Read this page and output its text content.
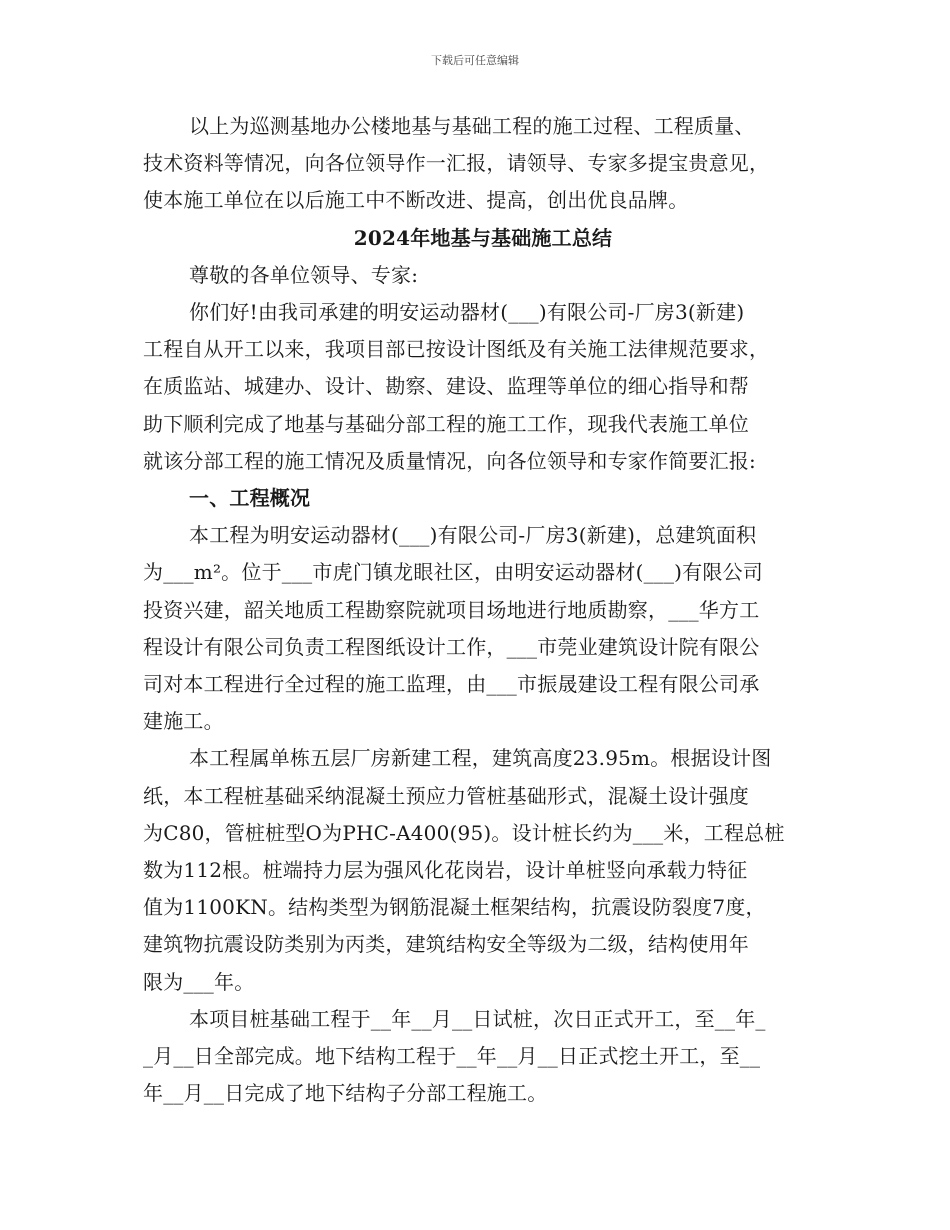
下载后可任意编辑
以上为巡测基地办公楼地基与基础工程的施工过程、工程质量、
技术资料等情况，向各位领导作一汇报，请领导、专家多提宝贵意见，
使本施工单位在以后施工中不断改进、提高，创出优良品牌。
2024年地基与基础施工总结
尊敬的各单位领导、专家:
你们好!由我司承建的明安运动器材(___)有限公司-厂房3(新建)
工程自从开工以来，我项目部已按设计图纸及有关施工法律规范要求，
在质监站、城建办、设计、勘察、建设、监理等单位的细心指导和帮
助下顺利完成了地基与基础分部工程的施工工作，现我代表施工单位
就该分部工程的施工情况及质量情况，向各位领导和专家作简要汇报:
一、工程概况
本工程为明安运动器材(___)有限公司-厂房3(新建)，总建筑面积
为___m²。位于___市虎门镇龙眼社区，由明安运动器材(___)有限公司
投资兴建，韶关地质工程勘察院就项目场地进行地质勘察，___华方工
程设计有限公司负责工程图纸设计工作，___市莞业建筑设计院有限公
司对本工程进行全过程的施工监理，由___市振晟建设工程有限公司承
建施工。
本工程属单栋五层厂房新建工程，建筑高度23.95m。根据设计图
纸，本工程桩基础采纳混凝土预应力管桩基础形式，混凝土设计强度
为C80，管桩桩型O为PHC-A400(95)。设计桩长约为___米，工程总桩
数为112根。桩端持力层为强风化花岗岩，设计单桩竖向承载力特征
值为1100KN。结构类型为钢筋混凝土框架结构，抗震设防裂度7度，
建筑物抗震设防类别为丙类，建筑结构安全等级为二级，结构使用年
限为___年。
本项目桩基础工程于__年__月__日试桩，次日正式开工，至__年_
_月__日全部完成。地下结构工程于__年__月__日正式挖土开工，至__
年__月__日完成了地下结构子分部工程施工。
